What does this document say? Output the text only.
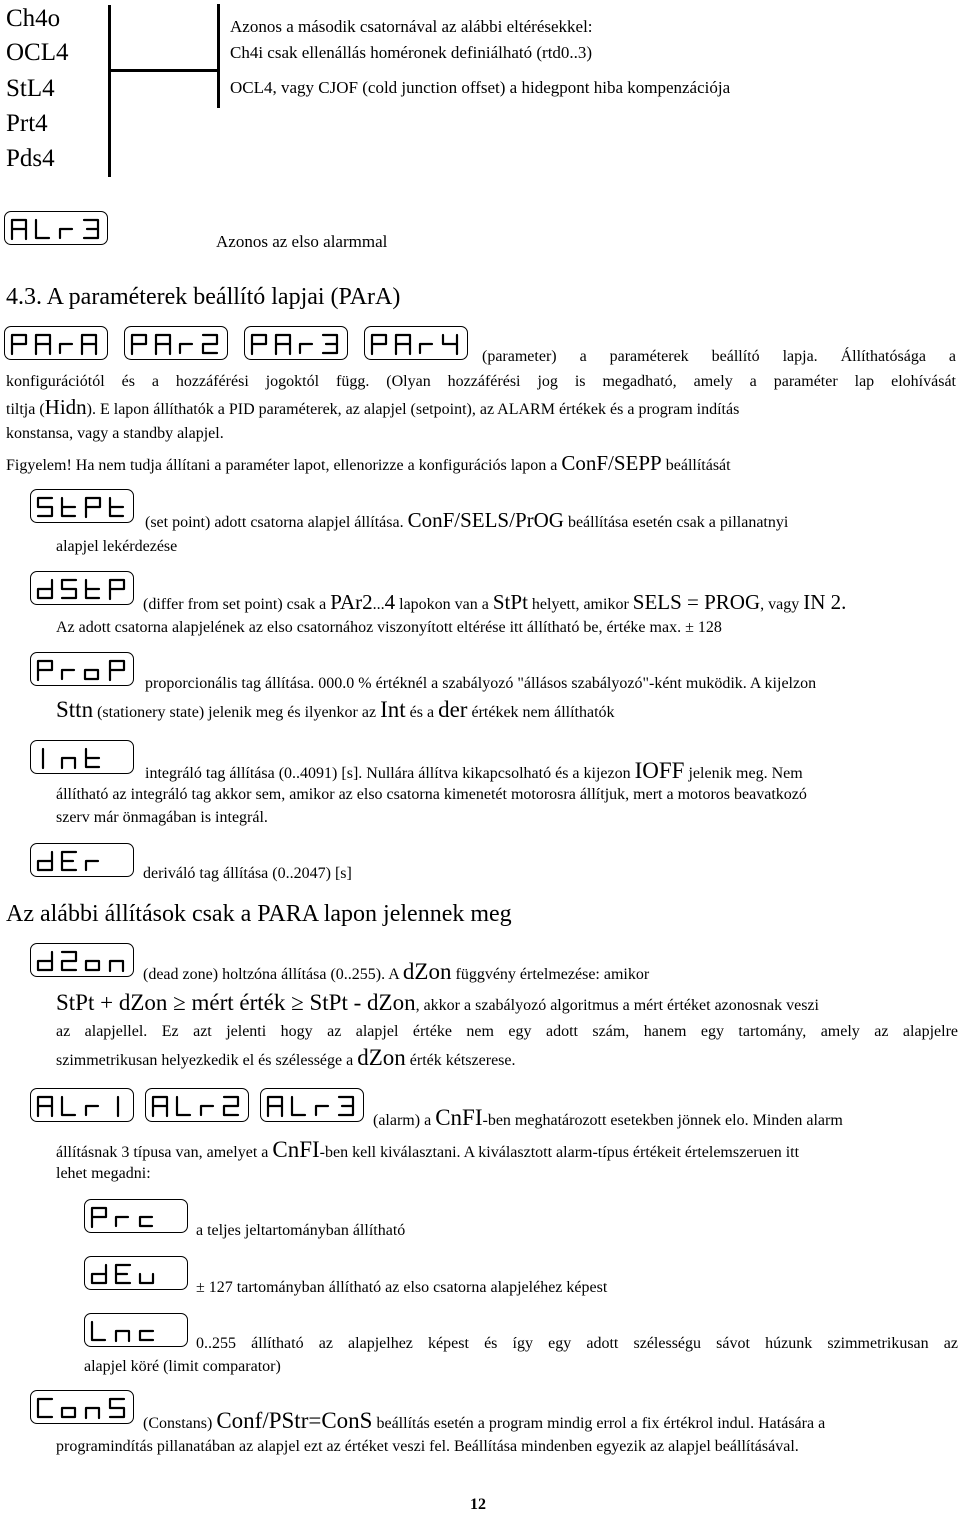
Ch4o
OCL4
StL4
Prt4
Pds4
Azonos a második csatornával az alábbi eltérésekkel:
Ch4i csak ellenállás homéronek definiálható (rtd0..3)
OCL4, vagy CJOF (cold junction offset) a hidegpont hiba kompenzációja
Azonos az elso alarmmal
4.3. A paraméterek beállító lapjai (PArA)
(parameter) a paraméterek beállító lapja. Állíthatósága a
konfigurációtól és a hozzáférési jogoktól függ. (Olyan hozzáférési jog is megadható, amely a paraméter lap elohívását
tiltja (Hidn). E lapon állíthatók a PID paraméterek, az alapjel (setpoint), az ALARM értékek és a program indítás
konstansa, vagy a standby alapjel.
Figyelem! Ha nem tudja állítani a paraméter lapot, ellenorizze a konfigurációs lapon a ConF/SEPP beállítását
(set point) adott csatorna alapjel állítása. ConF/SELS/PrOG beállítása esetén csak a pillanatnyi
alapjel lekérdezése
(differ from set point) csak a PAr2...4 lapokon van a StPt helyett, amikor SELS = PROG, vagy IN 2.
Az adott csatorna alapjelének az elso csatornához viszonyított eltérése itt állítható be, értéke max. ± 128
proporcionális tag állítása. 000.0 % értéknél a szabályozó "állásos szabályozó"-ként muködik. A kijelzon
Sttn (stationery state) jelenik meg és ilyenkor az Int és a der értékek nem állíthatók
integráló tag állítása (0..4091) [s]. Nullára állítva kikapcsolható és a kijezon IOFF jelenik meg. Nem
állítható az integráló tag akkor sem, amikor az elso csatorna kimenetét motorosra állítjuk, mert a motoros beavatkozó
szerv már önmagában is integrál.
deriváló tag állítása (0..2047) [s]
Az alábbi állítások csak a PARA lapon jelennek meg
(dead zone) holtzóna állítása (0..255). A dZon függvény értelmezése: amikor
StPt + dZon ≥ mért érték ≥ StPt - dZon, akkor a szabályozó algoritmus a mért értéket azonosnak veszi
az alapjellel. Ez azt jelenti hogy az alapjel értéke nem egy adott szám, hanem egy tartomány, amely az alapjelre
szimmetrikusan helyezkedik el és szélessége a dZon érték kétszerese.
(alarm) a CnFI-ben meghatározott esetekben jönnek elo. Minden alarm
állításnak 3 típusa van, amelyet a CnFI-ben kell kiválasztani. A kiválasztott alarm-típus értékeit értelemszeruen itt
lehet megadni:
a teljes jeltartományban állítható
± 127 tartományban állítható az elso csatorna alapjeléhez képest
0..255 állítható az alapjelhez képest és így egy adott szélességu sávot húzunk szimmetrikusan az
alapjel köré (limit comparator)
(Constans) Conf/PStr=ConS beállítás esetén a program mindig errol a fix értékrol indul. Hatására a
programindítás pillanatában az alapjel ezt az értéket veszi fel. Beállítása mindenben egyezik az alapjel beállításával.
12
